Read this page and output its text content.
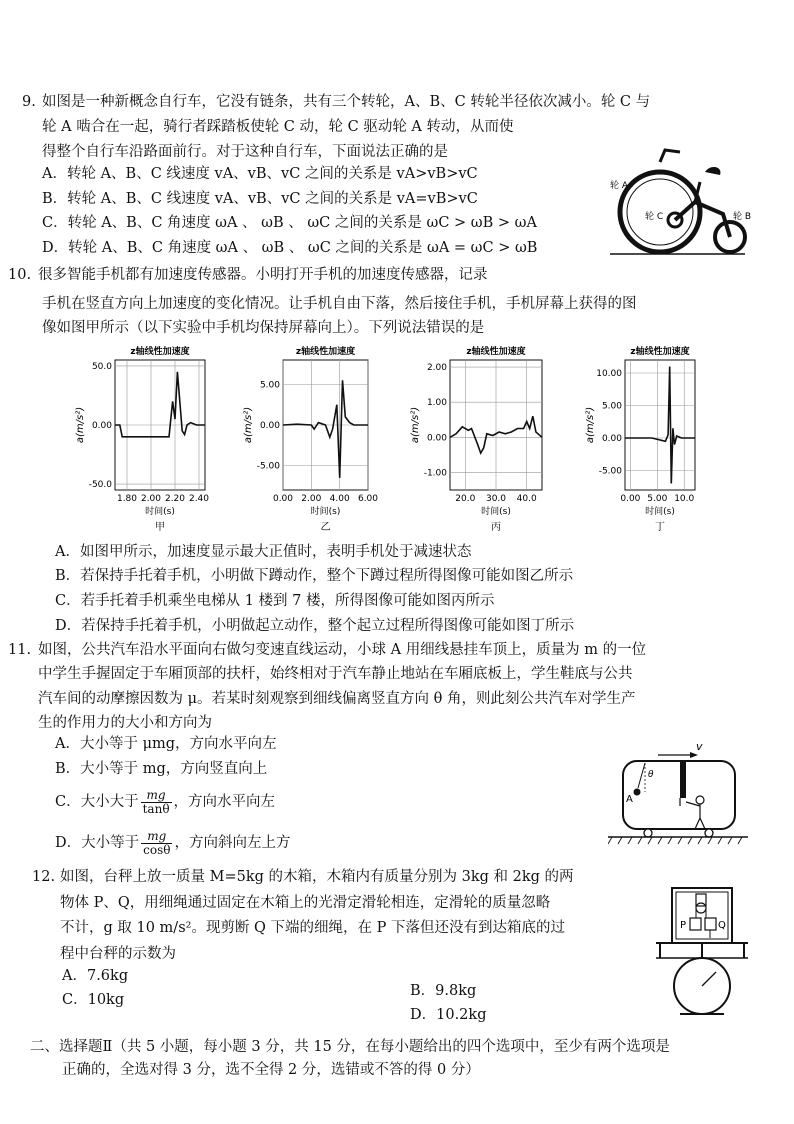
9. 如图是一种新概念自行车，它没有链条，共有三个转轮，A、B、C 转轮半径依次减小。轮 C 与
轮 A 啮合在一起，骑行者踩踏板使轮 C 动，轮 C 驱动轮 A 转动，从而使
得整个自行车沿路面前行。对于这种自行车，下面说法正确的是
A．转轮 A、B、C 线速度 vA、vB、vC 之间的关系是 vA>vB>vC
B．转轮 A、B、C 线速度 vA、vB、vC 之间的关系是 vA=vB>vC
C．转轮 A、B、C 角速度 ωA 、 ωB 、 ωC 之间的关系是 ωC > ωB > ωA
D．转轮 A、B、C 角速度 ωA 、 ωB 、 ωC 之间的关系是 ωA = ωC > ωB
轮 A
轮 C	轮 B
10. 很多智能手机都有加速度传感器。小明打开手机的加速度传感器，记录
手机在竖直方向上加速度的变化情况。让手机自由下落，然后接住手机，手机屏幕上获得的图
像如图甲所示（以下实验中手机均保持屏幕向上）。下列说法错误的是
z轴线性加速度
50.0
0.00
-50.0
1.80 2.00 2.20 2.40
时间(s)
a(m/s²)
甲
z轴线性加速度
5.00
0.00
-5.00
0.00 2.00 4.00 6.00
时间(s)
a(m/s²)
乙
z轴线性加速度
2.00
1.00
0.00
-1.00
20.0 30.0 40.0
时间(s)
a(m/s²)
丙
z轴线性加速度
10.00
5.00
0.00
-5.00
0.00 5.00 10.0
时间(s)
a(m/s²)
丁
A．如图甲所示，加速度显示最大正值时，表明手机处于减速状态
B．若保持手托着手机，小明做下蹲动作，整个下蹲过程所得图像可能如图乙所示
C．若手托着手机乘坐电梯从 1 楼到 7 楼，所得图像可能如图丙所示
D．若保持手托着手机，小明做起立动作，整个起立过程所得图像可能如图丁所示
11. 如图，公共汽车沿水平面向右做匀变速直线运动，小球 A 用细线悬挂车顶上，质量为 m 的一位
中学生手握固定于车厢顶部的扶杆，始终相对于汽车静止地站在车厢底板上，学生鞋底与公共
汽车间的动摩擦因数为 μ。若某时刻观察到细线偏离竖直方向 θ 角，则此刻公共汽车对学生产
生的作用力的大小和方向为
A．大小等于 μmg，方向水平向左
B．大小等于 mg，方向竖直向上
C．大小大于 $\frac{mg}{\tan\theta}$ ，方向水平向左
D．大小等于 $\frac{mg}{\cos\theta}$ ，方向斜向左上方
v
θ
A
12. 如图，台秤上放一质量 M=5kg 的木箱，木箱内有质量分别为 3kg 和 2kg 的两
物体 P、Q，用细绳通过固定在木箱上的光滑定滑轮相连，定滑轮的质量忽略
不计，g 取 10 m/s²。现剪断 Q 下端的细绳，在 P 下落但还没有到达箱底的过
程中台秤的示数为
A．7.6kg
B．9.8kg
C．10kg
D．10.2kg
P	Q
二、选择题Ⅱ（共 5 小题，每小题 3 分，共 15 分，在每小题给出的四个选项中，至少有两个选项是
正确的，全选对得 3 分，选不全得 2 分，选错或不答的得 0 分）
